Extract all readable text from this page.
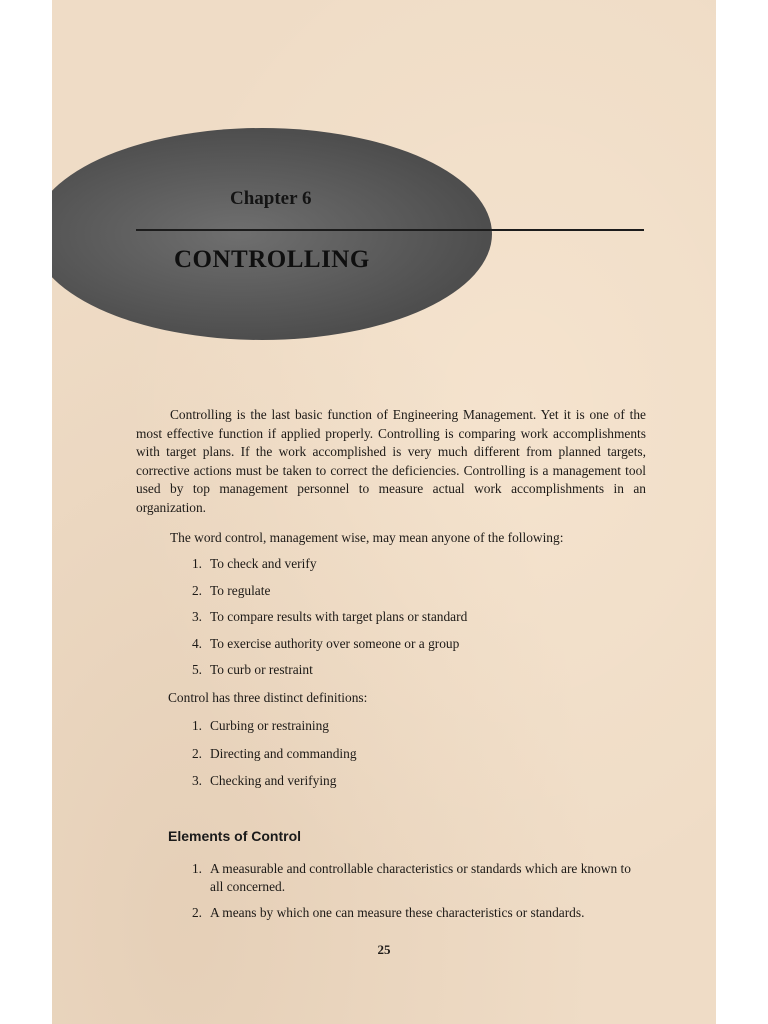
Chapter 6
CONTROLLING

Controlling is the last basic function of Engineering Management. Yet it is one of the most effective function if applied properly. Controlling is comparing work accomplishments with target plans. If the work accomplished is very much different from planned targets, corrective actions must be taken to correct the deficiencies. Controlling is a management tool used by top management personnel to measure actual work accomplishments in an organization.

The word control, management wise, may mean anyone of the following:

1. To check and verify
2. To regulate
3. To compare results with target plans or standard
4. To exercise authority over someone or a group
5. To curb or restraint

Control has three distinct definitions:

1. Curbing or restraining
2. Directing and commanding
3. Checking and verifying
Elements of Control
1. A measurable and controllable characteristics or standards which are known to all concerned.
2. A means by which one can measure these characteristics or standards.
25
